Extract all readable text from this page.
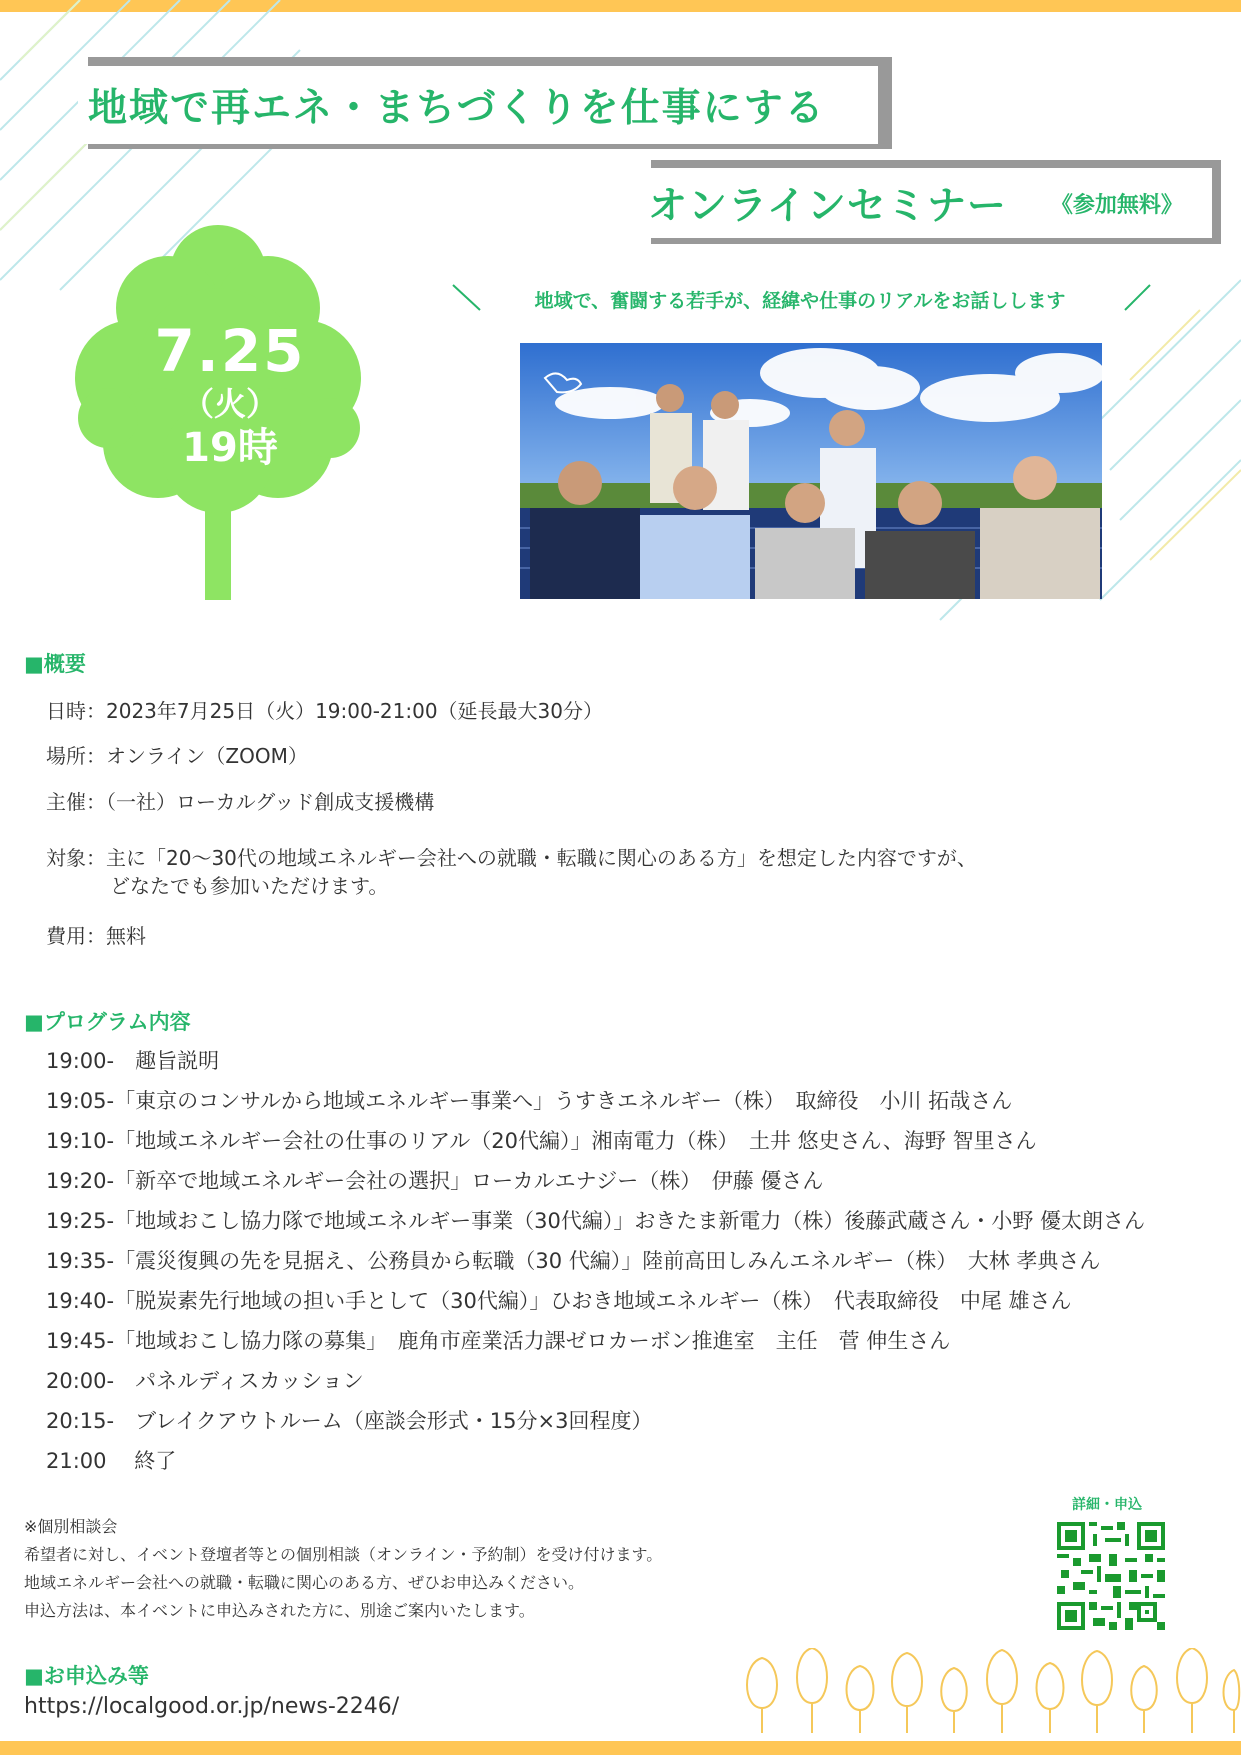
地域で再エネ・まちづくりを仕事にする
オンラインセミナー 《参加無料》
地域で、奮闘する若手が、経緯や仕事のリアルをお話しします
7.25
（火）
19時
■概要
日時：2023年7月25日（火）19:00-21:00（延長最大30分）
場所：オンライン（ZOOM）
主催：（一社）ローカルグッド創成支援機構
対象：主に「20〜30代の地域エネルギー会社への就職・転職に関心のある方」を想定した内容ですが、
どなたでも参加いただけます。
費用：無料
■プログラム内容
19:00-　趣旨説明
19:05-「東京のコンサルから地域エネルギー事業へ」うすきエネルギー（株）　取締役　小川 拓哉さん
19:10-「地域エネルギー会社の仕事のリアル（20代編）」湘南電力（株）　土井 悠史さん、海野 智里さん
19:20-「新卒で地域エネルギー会社の選択」ローカルエナジー（株）　伊藤 優さん
19:25-「地域おこし協力隊で地域エネルギー事業（30代編）」おきたま新電力（株）後藤武蔵さん・小野 優太朗さん
19:35-「震災復興の先を見据え、公務員から転職（30 代編）」陸前高田しみんエネルギー（株）　大林 孝典さん
19:40-「脱炭素先行地域の担い手として（30代編）」ひおき地域エネルギー（株）　代表取締役　中尾 雄さん
19:45-「地域おこし協力隊の募集」　鹿角市産業活力課ゼロカーボン推進室　主任　菅 伸生さん
20:00-　パネルディスカッション
20:15-　ブレイクアウトルーム（座談会形式・15分×3回程度）
21:00　 終了
※個別相談会
希望者に対し、イベント登壇者等との個別相談（オンライン・予約制）を受け付けます。
地域エネルギー会社への就職・転職に関心のある方、ぜひお申込みください。
申込方法は、本イベントに申込みされた方に、別途ご案内いたします。
詳細・申込
■お申込み等
https://localgood.or.jp/news-2246/
